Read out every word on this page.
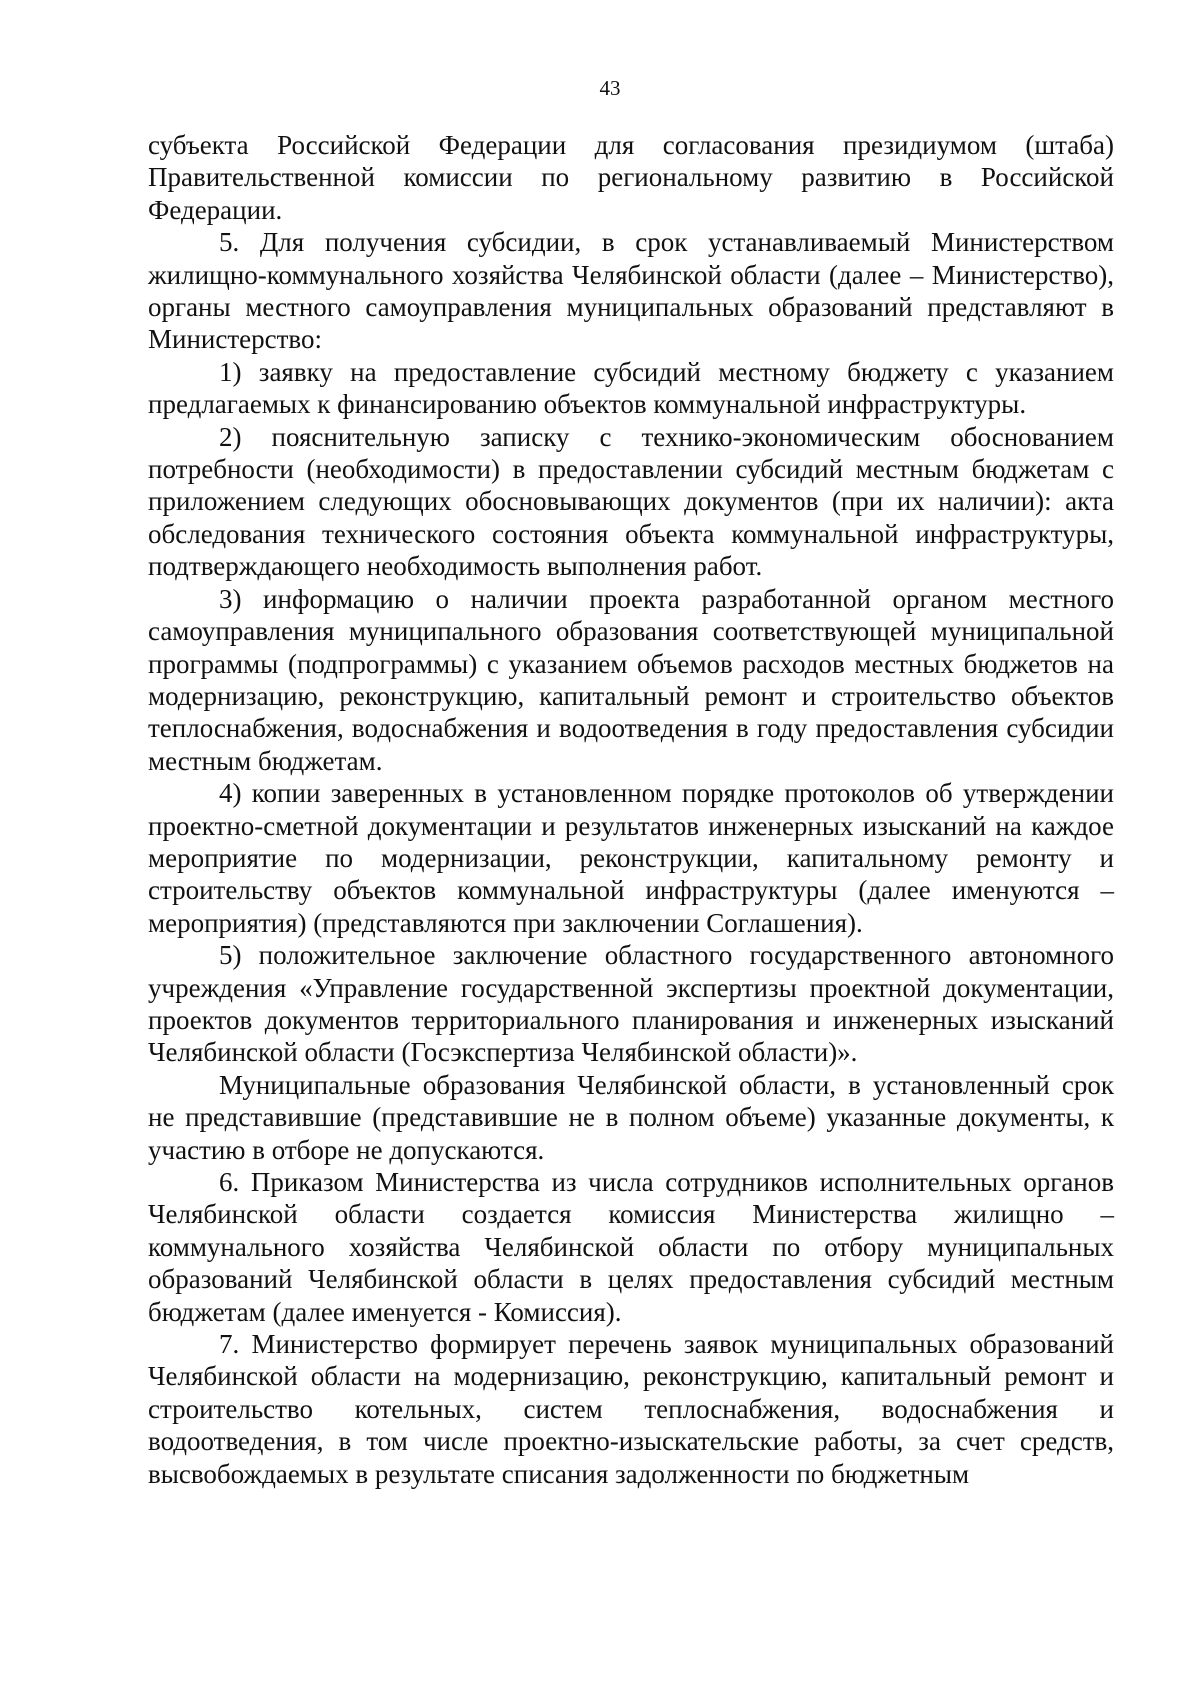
43

субъекта Российской Федерации для согласования президиумом (штаба) Правительственной комиссии по региональному развитию в Российской Федерации.

5. Для получения субсидии, в срок устанавливаемый Министерством жилищно-коммунального хозяйства Челябинской области (далее – Министерство), органы местного самоуправления муниципальных образований представляют в Министерство:

1) заявку на предоставление субсидий местному бюджету с указанием предлагаемых к финансированию объектов коммунальной инфраструктуры.

2) пояснительную записку с технико-экономическим обоснованием потребности (необходимости) в предоставлении субсидий местным бюджетам с приложением следующих обосновывающих документов (при их наличии): акта обследования технического состояния объекта коммунальной инфраструктуры, подтверждающего необходимость выполнения работ.

3) информацию о наличии проекта разработанной органом местного самоуправления муниципального образования соответствующей муниципальной программы (подпрограммы) с указанием объемов расходов местных бюджетов на модернизацию, реконструкцию, капитальный ремонт и строительство объектов теплоснабжения, водоснабжения и водоотведения в году предоставления субсидии местным бюджетам.

4) копии заверенных в установленном порядке протоколов об утверждении проектно-сметной документации и результатов инженерных изысканий на каждое мероприятие по модернизации, реконструкции, капитальному ремонту и строительству объектов коммунальной инфраструктуры (далее именуются – мероприятия) (представляются при заключении Соглашения).

5) положительное заключение областного государственного автономного учреждения «Управление государственной экспертизы проектной документации, проектов документов территориального планирования и инженерных изысканий Челябинской области (Госэкспертиза Челябинской области)».

Муниципальные образования Челябинской области, в установленный срок не представившие (представившие не в полном объеме) указанные документы, к участию в отборе не допускаются.

6. Приказом Министерства из числа сотрудников исполнительных органов Челябинской области создается комиссия Министерства жилищно – коммунального хозяйства Челябинской области по отбору муниципальных образований Челябинской области в целях предоставления субсидий местным бюджетам (далее именуется - Комиссия).

7. Министерство формирует перечень заявок муниципальных образований Челябинской области на модернизацию, реконструкцию, капитальный ремонт и строительство котельных, систем теплоснабжения, водоснабжения и водоотведения, в том числе проектно-изыскательские работы, за счет средств, высвобождаемых в результате списания задолженности по бюджетным
